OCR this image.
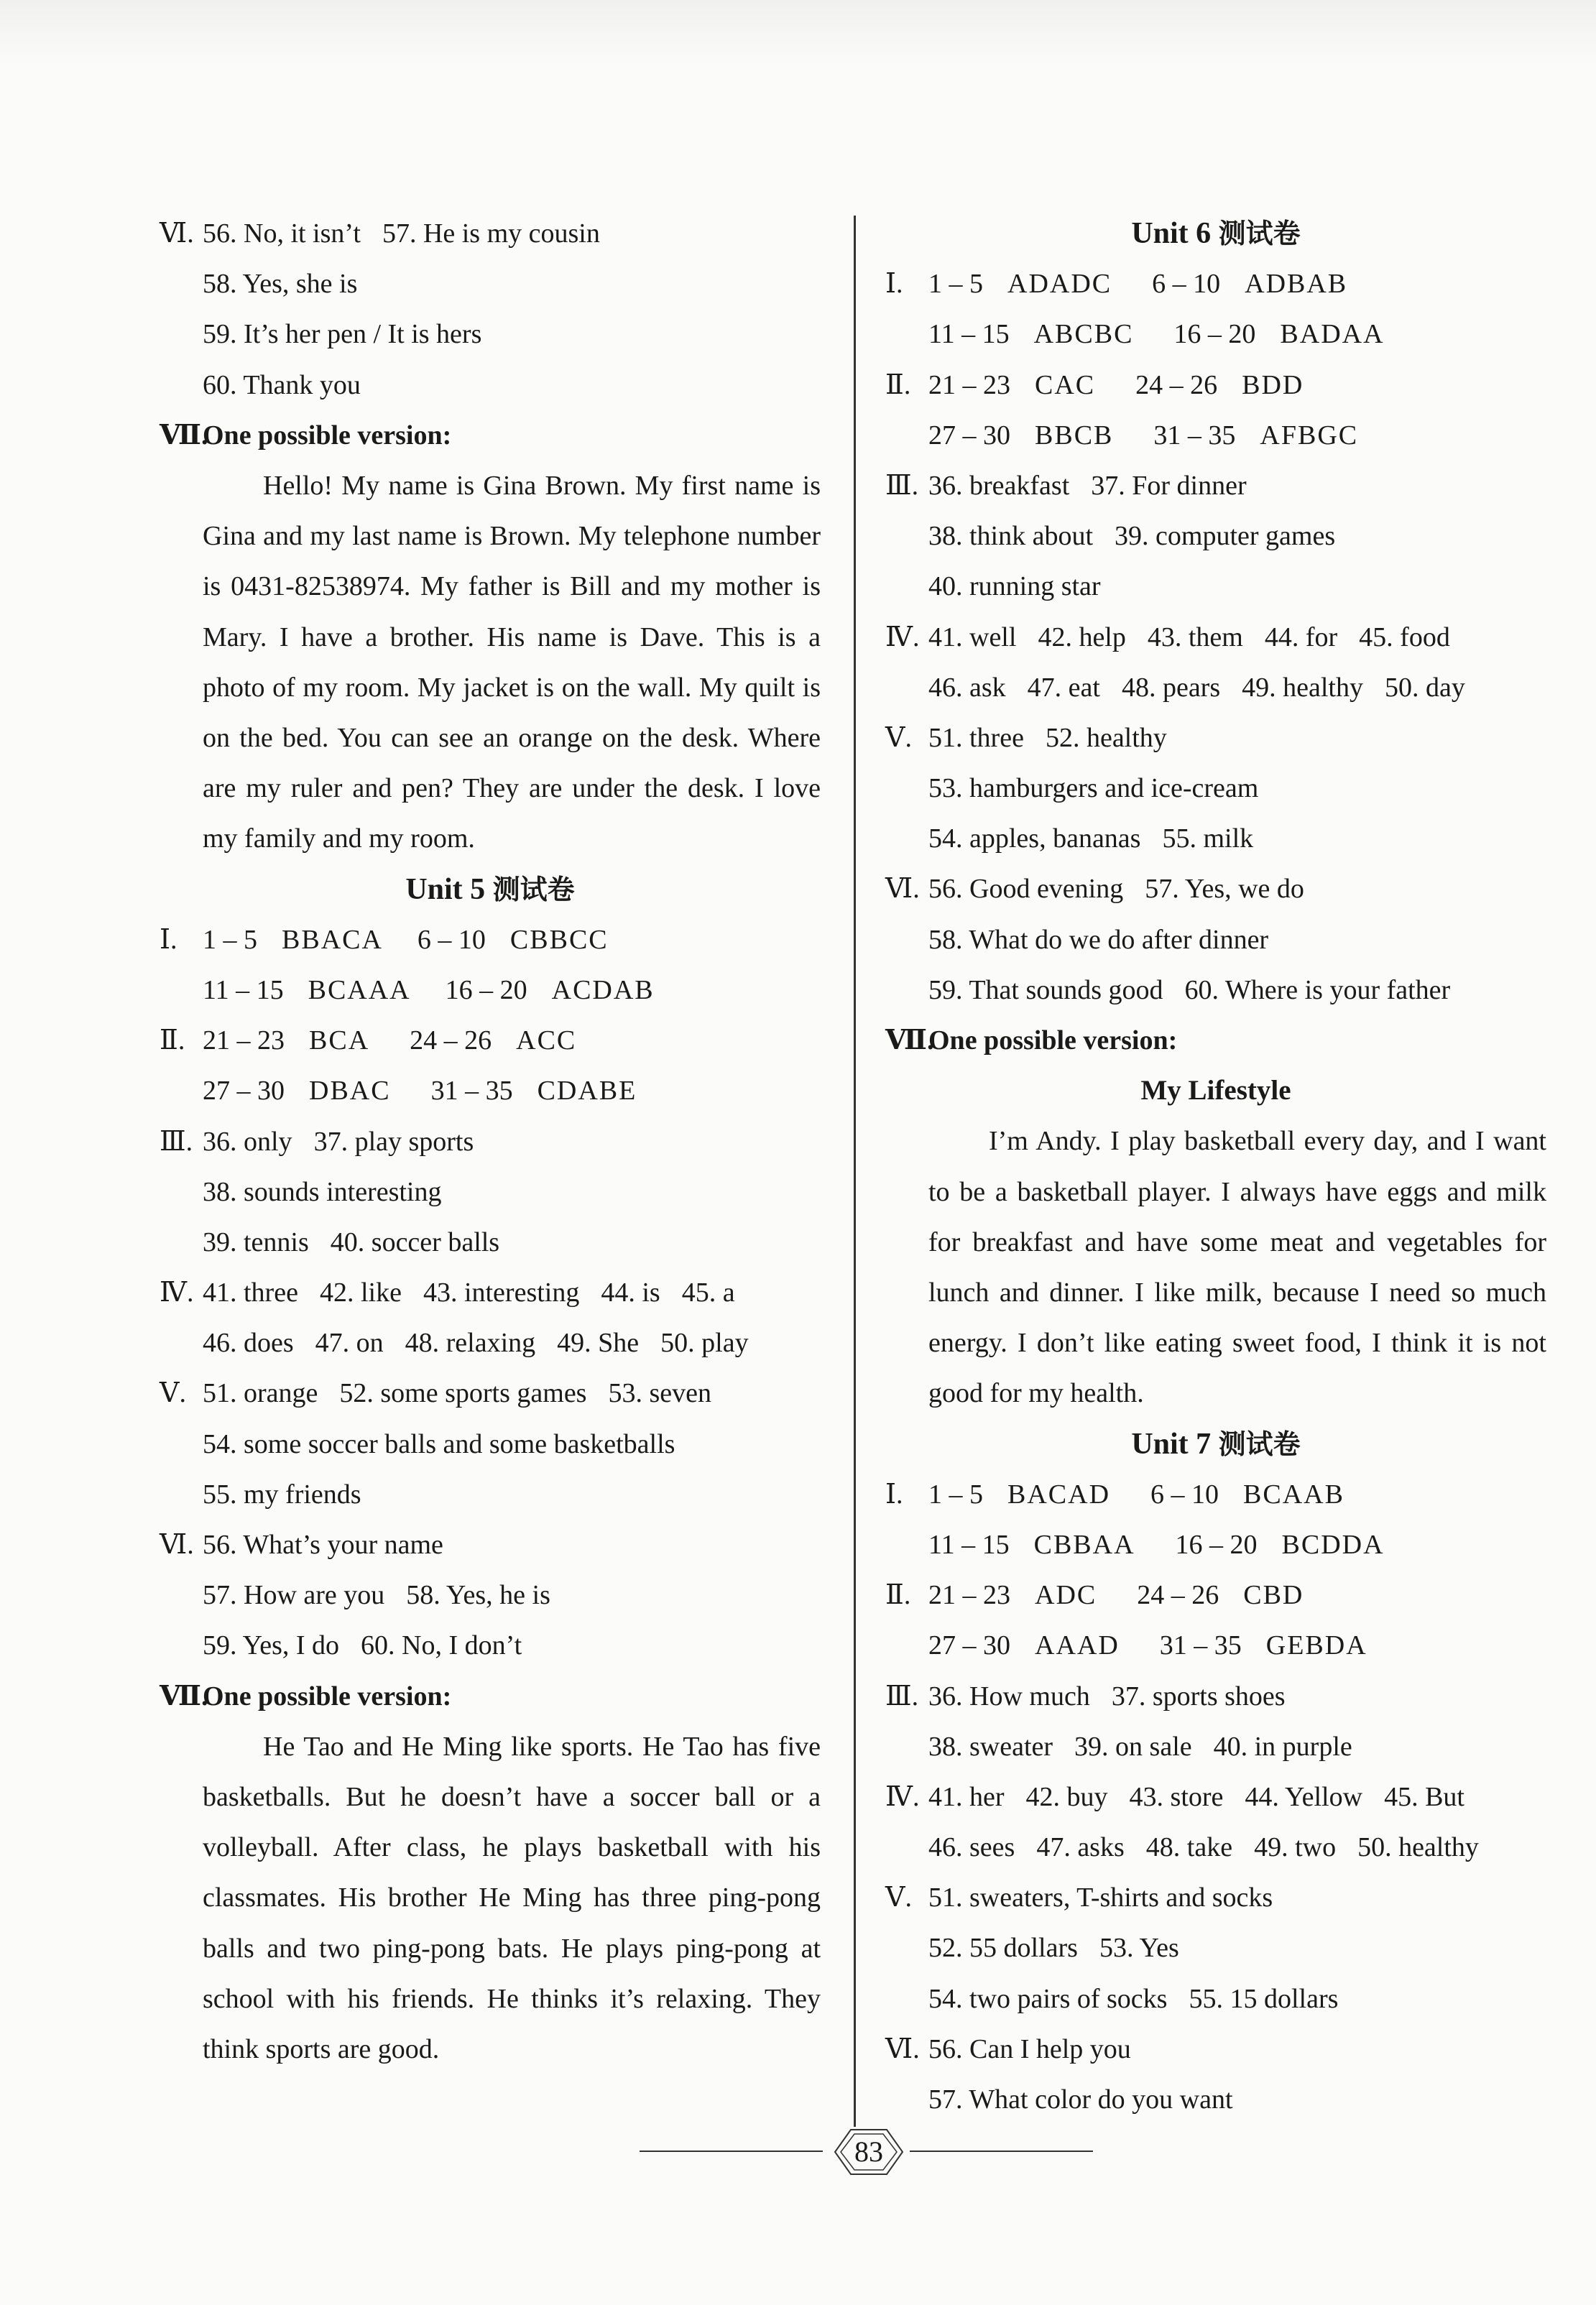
Ⅵ. 56. No, it isn’t 57. He is my cousin
58. Yes, she is
59. It’s her pen / It is hers
60. Thank you
Ⅶ.
One possible version:
Hello! My name is Gina Brown. My first name is Gina and my last name is Brown. My telephone number is 0431-82538974. My father is Bill and my mother is Mary. I have a brother. His name is Dave. This is a photo of my room. My jacket is on the wall. My quilt is on the bed. You can see an orange on the desk. Where are my ruler and pen? They are under the desk. I love my family and my room.
Unit 5 测试卷
Ⅰ. 1 – 5 BBACA 6 – 10 CBBCC
11 – 15 BCAAA 16 – 20 ACDAB
Ⅱ. 21 – 23 BCA 24 – 26 ACC
27 – 30 DBAC 31 – 35 CDABE
Ⅲ. 36. only 37. play sports
38. sounds interesting
39. tennis 40. soccer balls
Ⅳ. 41. three 42. like 43. interesting 44. is 45. a
46. does 47. on 48. relaxing 49. She 50. play
Ⅴ. 51. orange 52. some sports games 53. seven
54. some soccer balls and some basketballs
55. my friends
Ⅵ. 56. What’s your name
57. How are you 58. Yes, he is
59. Yes, I do 60. No, I don’t
Ⅶ.
One possible version:
He Tao and He Ming like sports. He Tao has five basketballs. But he doesn’t have a soccer ball or a volleyball. After class, he plays basketball with his classmates. His brother He Ming has three ping-pong balls and two ping-pong bats. He plays ping-pong at school with his friends. He thinks it’s relaxing. They think sports are good.
Unit 6 测试卷
Ⅰ. 1 – 5 ADADC 6 – 10 ADBAB
11 – 15 ABCBC 16 – 20 BADAA
Ⅱ. 21 – 23 CAC 24 – 26 BDD
27 – 30 BBCB 31 – 35 AFBGC
Ⅲ. 36. breakfast 37. For dinner
38. think about 39. computer games
40. running star
Ⅳ. 41. well 42. help 43. them 44. for 45. food
46. ask 47. eat 48. pears 49. healthy 50. day
Ⅴ. 51. three 52. healthy
53. hamburgers and ice-cream
54. apples, bananas 55. milk
Ⅵ. 56. Good evening 57. Yes, we do
58. What do we do after dinner
59. That sounds good 60. Where is your father
Ⅶ.
One possible version:
My Lifestyle
I’m Andy. I play basketball every day, and I want to be a basketball player. I always have eggs and milk for breakfast and have some meat and vegetables for lunch and dinner. I like milk, because I need so much energy. I don’t like eating sweet food, I think it is not good for my health.
Unit 7 测试卷
Ⅰ. 1 – 5 BACAD 6 – 10 BCAAB
11 – 15 CBBAA 16 – 20 BCDDA
Ⅱ. 21 – 23 ADC 24 – 26 CBD
27 – 30 AAAD 31 – 35 GEBDA
Ⅲ. 36. How much 37. sports shoes
38. sweater 39. on sale 40. in purple
Ⅳ. 41. her 42. buy 43. store 44. Yellow 45. But
46. sees 47. asks 48. take 49. two 50. healthy
Ⅴ. 51. sweaters, T-shirts and socks
52. 55 dollars 53. Yes
54. two pairs of socks 55. 15 dollars
Ⅵ. 56. Can I help you
57. What color do you want
83
